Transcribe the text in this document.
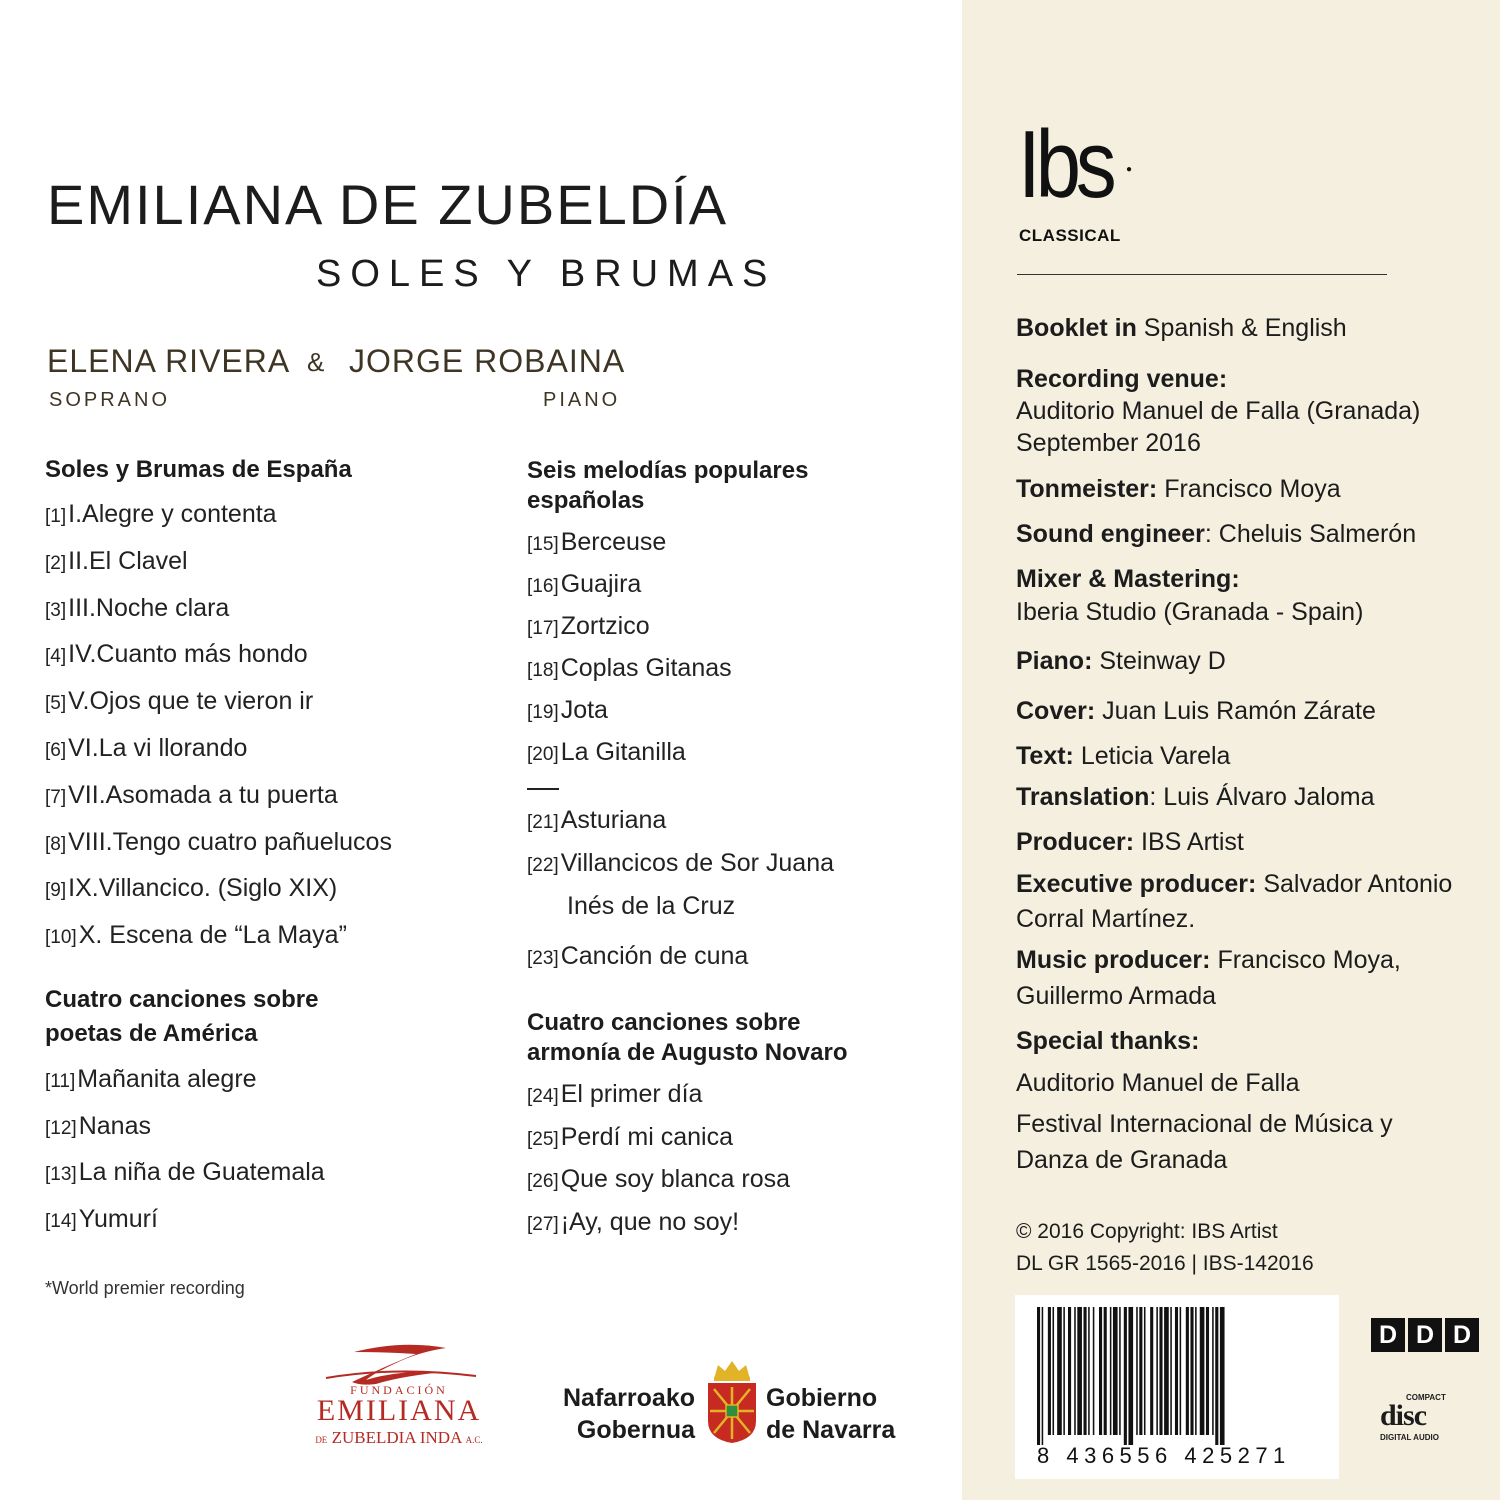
EMILIANA DE ZUBELDÍA
SOLES Y BRUMAS
ELENA RIVERA & JORGE ROBAINA
SOPRANO	PIANO
Soles y Brumas de España
[1]I.Alegre y contenta
[2]II.El Clavel
[3]III.Noche clara
[4]IV.Cuanto más hondo
[5]V.Ojos que te vieron ir
[6]VI.La vi llorando
[7]VII.Asomada a tu puerta
[8]VIII.Tengo cuatro pañuelucos
[9]IX.Villancico. (Siglo XIX)
[10]X. Escena de “La Maya”
Cuatro canciones sobre
poetas de América
[11]Mañanita alegre
[12]Nanas
[13]La niña de Guatemala
[14]Yumurí
*World premier recording
Seis melodías populares
españolas
[15]Berceuse
[16]Guajira
[17]Zortzico
[18]Coplas Gitanas
[19]Jota
[20]La Gitanilla
[21]Asturiana
[22]Villancicos de Sor Juana
Inés de la Cruz
[23]Canción de cuna
Cuatro canciones sobre
armonía de Augusto Novaro
[24]El primer día
[25]Perdí mi canica
[26]Que soy blanca rosa
[27]¡Ay, que no soy!
FUNDACIÓN
EMILIANA
DE ZUBELDIA INDA A.C.
Nafarroako
Gobernua
Gobierno
de Navarra
Ibs ●
CLASSICAL
Booklet in Spanish & English
Recording venue:
Auditorio Manuel de Falla (Granada)
September 2016
Tonmeister: Francisco Moya
Sound engineer: Cheluis Salmerón
Mixer & Mastering:
Iberia Studio (Granada - Spain)
Piano: Steinway D
Cover: Juan Luis Ramón Zárate
Text: Leticia Varela
Translation: Luis Álvaro Jaloma
Producer: IBS Artist
Executive producer: Salvador Antonio
Corral Martínez.
Music producer: Francisco Moya,
Guillermo Armada
Special thanks:
Auditorio Manuel de Falla
Festival Internacional de Música y
Danza de Granada
© 2016 Copyright: IBS Artist
DL GR 1565-2016 | IBS-142016
8 436556 425271
D D D
COMPACT
disc
DIGITAL AUDIO
